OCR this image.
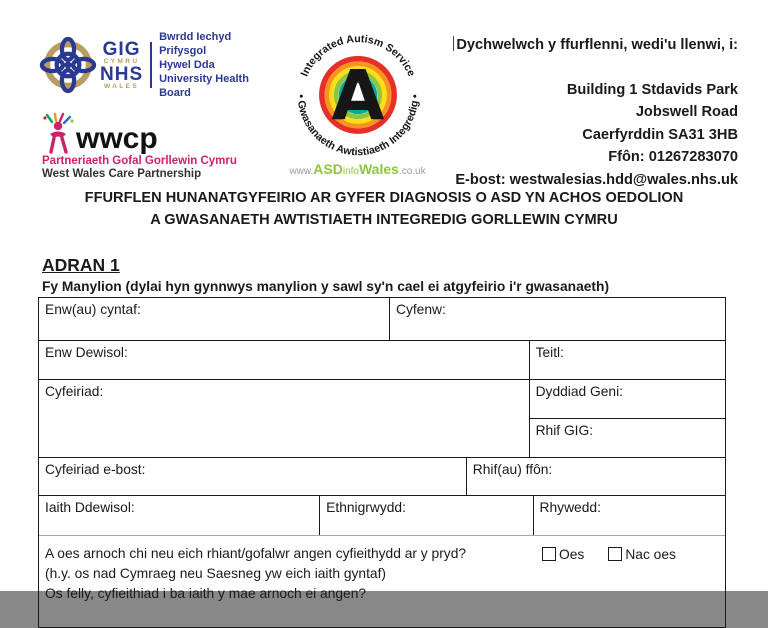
GIG
CYMRU
NHS
WALES
Bwrdd Iechyd Prifysgol
Hywel Dda
University Health Board
wwcp
Partneriaeth Gofal Gorllewin Cymru
West Wales Care Partnership
A
Integrated Autism Service
• Gwasanaeth Awtistiaeth Integredig •
www.ASDinfoWales.co.uk
Dychwelwch y ffurflenni, wedi'u llenwi, i:
Building 1 Stdavids Park
Jobswell Road
Caerfyrddin SA31 3HB
Ffôn: 01267283070
E-bost: westwalesias.hdd@wales.nhs.uk
FFURFLEN HUNANATGYFEIRIO AR GYFER DIAGNOSIS O ASD YN ACHOS OEDOLION
A GWASANAETH AWTISTIAETH INTEGREDIG GORLLEWIN CYMRU
ADRAN 1
Fy Manylion (dylai hyn gynnwys manylion y sawl sy'n cael ei atgyfeirio i'r gwasanaeth)
Enw(au) cyntaf:	Cyfenw:
Enw Dewisol:	Teitl:
Cyfeiriad:	Dyddiad Geni:
Rhif GIG:
Cyfeiriad e-bost:	Rhif(au) ffôn:
Iaith Ddewisol:	Ethnigrwydd:	Rhywedd:
A oes arnoch chi neu eich rhiant/gofalwr angen cyfieithydd ar y pryd?
(h.y. os nad Cymraeg neu Saesneg yw eich iaith gyntaf)
Os felly, cyfieithiad i ba iaith y mae arnoch ei angen?
Oes	Nac oes
